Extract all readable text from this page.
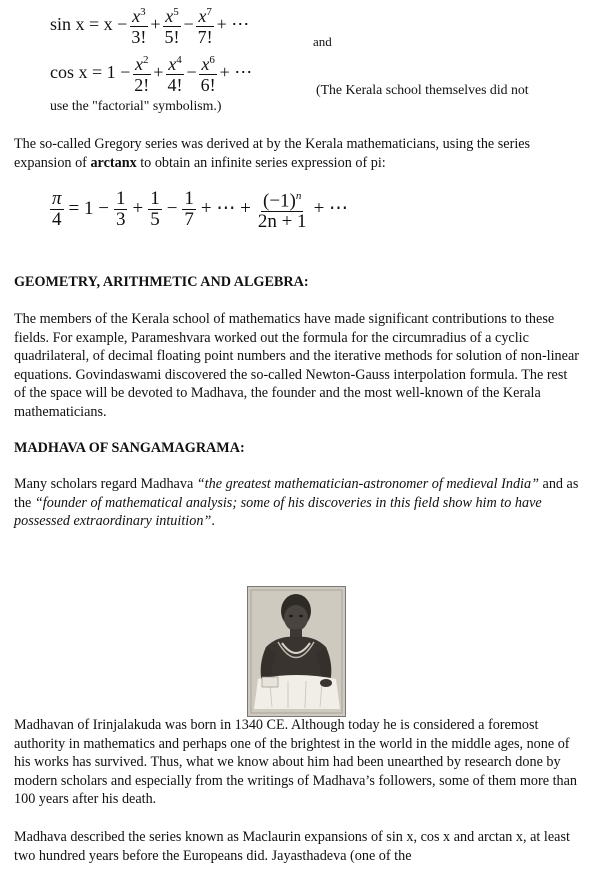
$\sin x = x - \frac{x^3}{3!} + \frac{x^5}{5!} - \frac{x^7}{7!}$ + ⋯
and
$\cos x = 1 - \frac{x^2}{2!} + \frac{x^4}{4!} - \frac{x^6}{6!}$ + ⋯
(The Kerala school themselves did not
use the "factorial" symbolism.)
The so-called Gregory series was derived at by the Kerala mathematicians, using the series expansion of arctanx to obtain an infinite series expression of pi:
$\frac{\pi}{4} = 1 - \frac{1}{3} + \frac{1}{5} - \frac{1}{7}$ + ⋯ + $\frac{(-1)^n}{2n + 1}$ + ⋯
GEOMETRY, ARITHMETIC AND ALGEBRA:
The members of the Kerala school of mathematics have made significant contributions to these fields. For example, Parameshvara worked out the formula for the circumradius of a cyclic quadrilateral, of decimal floating point numbers and the iterative methods for solution of non-linear equations. Govindaswami discovered the so-called Newton-Gauss interpolation formula. The rest of the space will be devoted to Madhava, the founder and the most well-known of the Kerala mathematicians.
MADHAVA OF SANGAMAGRAMA:
Many scholars regard Madhava “the greatest mathematician-astronomer of medieval India” and as the “founder of mathematical analysis; some of his discoveries in this field show him to have possessed extraordinary intuition”.
Madhavan of Irinjalakuda was born in 1340 CE. Although today he is considered a foremost authority in mathematics and perhaps one of the brightest in the world in the middle ages, none of his works has survived. Thus, what we know about him had been unearthed by research done by modern scholars and especially from the writings of Madhava’s followers, some of them more than 100 years after his death.
Madhava described the series known as Maclaurin expansions of sin x, cos x and arctan x, at least two hundred years before the Europeans did. Jayasthadeva (one of the
